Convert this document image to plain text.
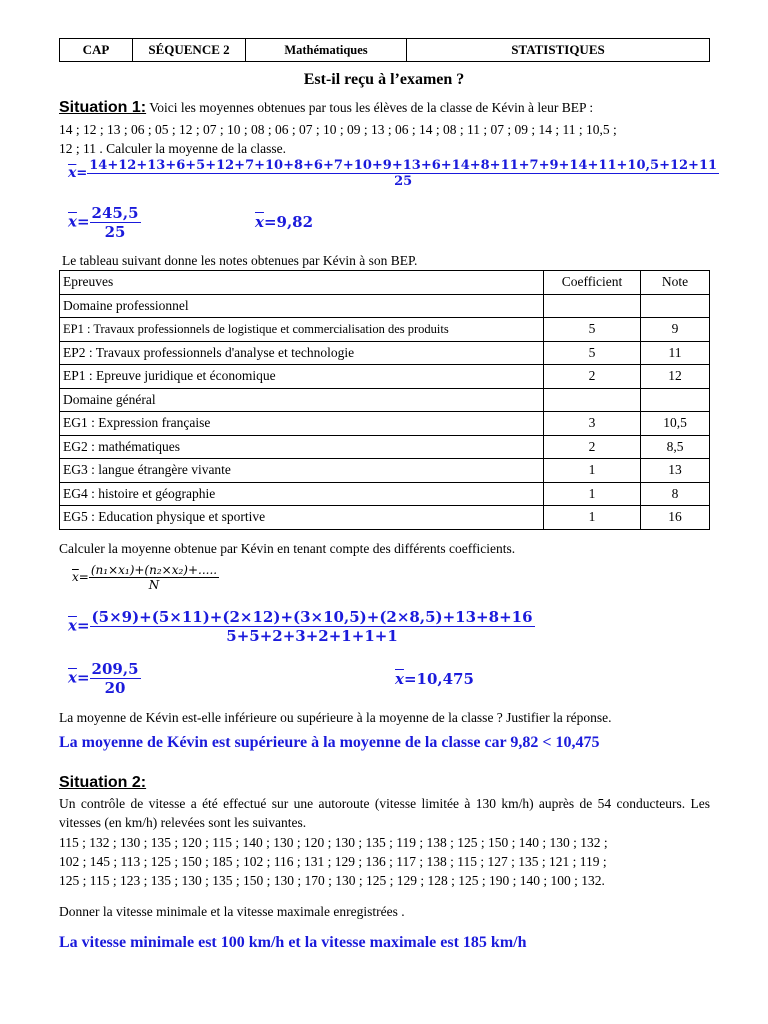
CAP	SÉQUENCE 2	Mathématiques	STATISTIQUES
Est-il reçu à l’examen ?
Situation 1: Voici les moyennes obtenues par tous les élèves de la classe de Kévin à leur BEP :
14 ; 12 ; 13 ; 06 ; 05 ; 12 ; 07 ; 10 ; 08 ; 06 ; 07 ; 10 ; 09 ; 13 ; 06 ; 14 ; 08 ; 11 ; 07 ; 09 ; 14 ; 11 ; 10,5 ;
12 ; 11 . Calculer la moyenne de la classe.
$\overline{x}=$
14+12+13+6+5+12+7+10+8+6+7+10+9+13+6+14+8+11+7+9+14+11+10,5+12+11
25
$\overline{x}= \frac{245,5}{25}$	$\overline{x}=9,82$
Le tableau suivant donne les notes obtenues par Kévin à son BEP.
Epreuves	Coefficient	Note
Domaine professionnel		
EP1 : Travaux professionnels de logistique et commercialisation des produits	5	9
EP2 : Travaux professionnels d'analyse et technologie	5	11
EP1 : Epreuve juridique et économique	2	12
Domaine général		
EG1 : Expression française	3	10,5
EG2 : mathématiques	2	8,5
EG3 : langue étrangère vivante	1	13
EG4 : histoire et géographie	1	8
EG5 : Education physique et sportive	1	16
Calculer la moyenne obtenue par Kévin en tenant compte des différents coefficients.
$\overline{x}= \frac{\text{(n₁×x₁)+(n₂×x₂)+.....}}{N}$
$\overline{x}= \frac{(5\times 9)+(5\times 11)+(2\times 12)+(3\times 10,5)+(2\times 8,5)+13+8+16}{5+5+2+3+2+1+1+1}$
$\overline{x}= \frac{209,5}{20}$	$\overline{x}=10,475$
La moyenne de Kévin est-elle inférieure ou supérieure à la moyenne de la classe ? Justifier la réponse.
La moyenne de Kévin est supérieure à la moyenne de la classe car 9,82 < 10,475
Situation 2:
Un contrôle de vitesse a été effectué sur une autoroute (vitesse limitée à 130 km/h) auprès de 54 conducteurs. Les vitesses (en km/h) relevées sont les suivantes.
115 ; 132 ; 130 ; 135 ; 120 ; 115 ; 140 ; 130 ; 120 ; 130 ; 135 ; 119 ; 138 ; 125 ; 150 ; 140 ; 130 ; 132 ;
102 ; 145 ; 113 ; 125 ; 150 ; 185 ; 102 ; 116 ; 131 ; 129 ; 136 ; 117 ; 138 ; 115 ; 127 ; 135 ; 121 ; 119 ;
125 ; 115 ; 123 ; 135 ; 130 ; 135 ; 150 ; 130 ; 170 ; 130 ; 125 ; 129 ; 128 ; 125 ; 190 ; 140 ; 100 ; 132.
Donner la vitesse minimale et la vitesse maximale enregistrées .
La vitesse minimale est 100 km/h et la vitesse maximale est 185 km/h
